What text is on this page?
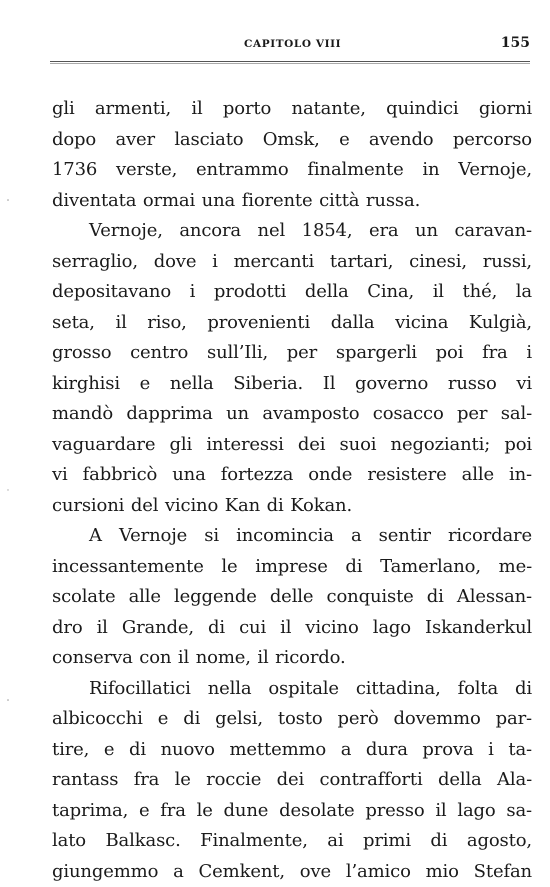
CAPITOLO VIII	155
gli armenti, il porto natante, quindici giorni
dopo aver lasciato Omsk, e avendo percorso
1736 verste, entrammo finalmente in Vernoje,
diventata ormai una fiorente città russa.
Vernoje, ancora nel 1854, era un caravan-
serraglio, dove i mercanti tartari, cinesi, russi,
depositavano i prodotti della Cina, il thé, la
seta, il riso, provenienti dalla vicina Kulgià,
grosso centro sull’Ili, per spargerli poi fra i
kirghisi e nella Siberia. Il governo russo vi
mandò dapprima un avamposto cosacco per sal-
vaguardare gli interessi dei suoi negozianti; poi
vi fabbricò una fortezza onde resistere alle in-
cursioni del vicino Kan di Kokan.
A Vernoje si incomincia a sentir ricordare
incessantemente le imprese di Tamerlano, me-
scolate alle leggende delle conquiste di Alessan-
dro il Grande, di cui il vicino lago Iskanderkul
conserva con il nome, il ricordo.
Rifocillatici nella ospitale cittadina, folta di
albicocchi e di gelsi, tosto però dovemmo par-
tire, e di nuovo mettemmo a dura prova i ta-
rantass fra le roccie dei contrafforti della Ala-
taprima, e fra le dune desolate presso il lago sa-
lato Balkasc. Finalmente, ai primi di agosto,
giungemmo a Cemkent, ove l’amico mio Stefan
